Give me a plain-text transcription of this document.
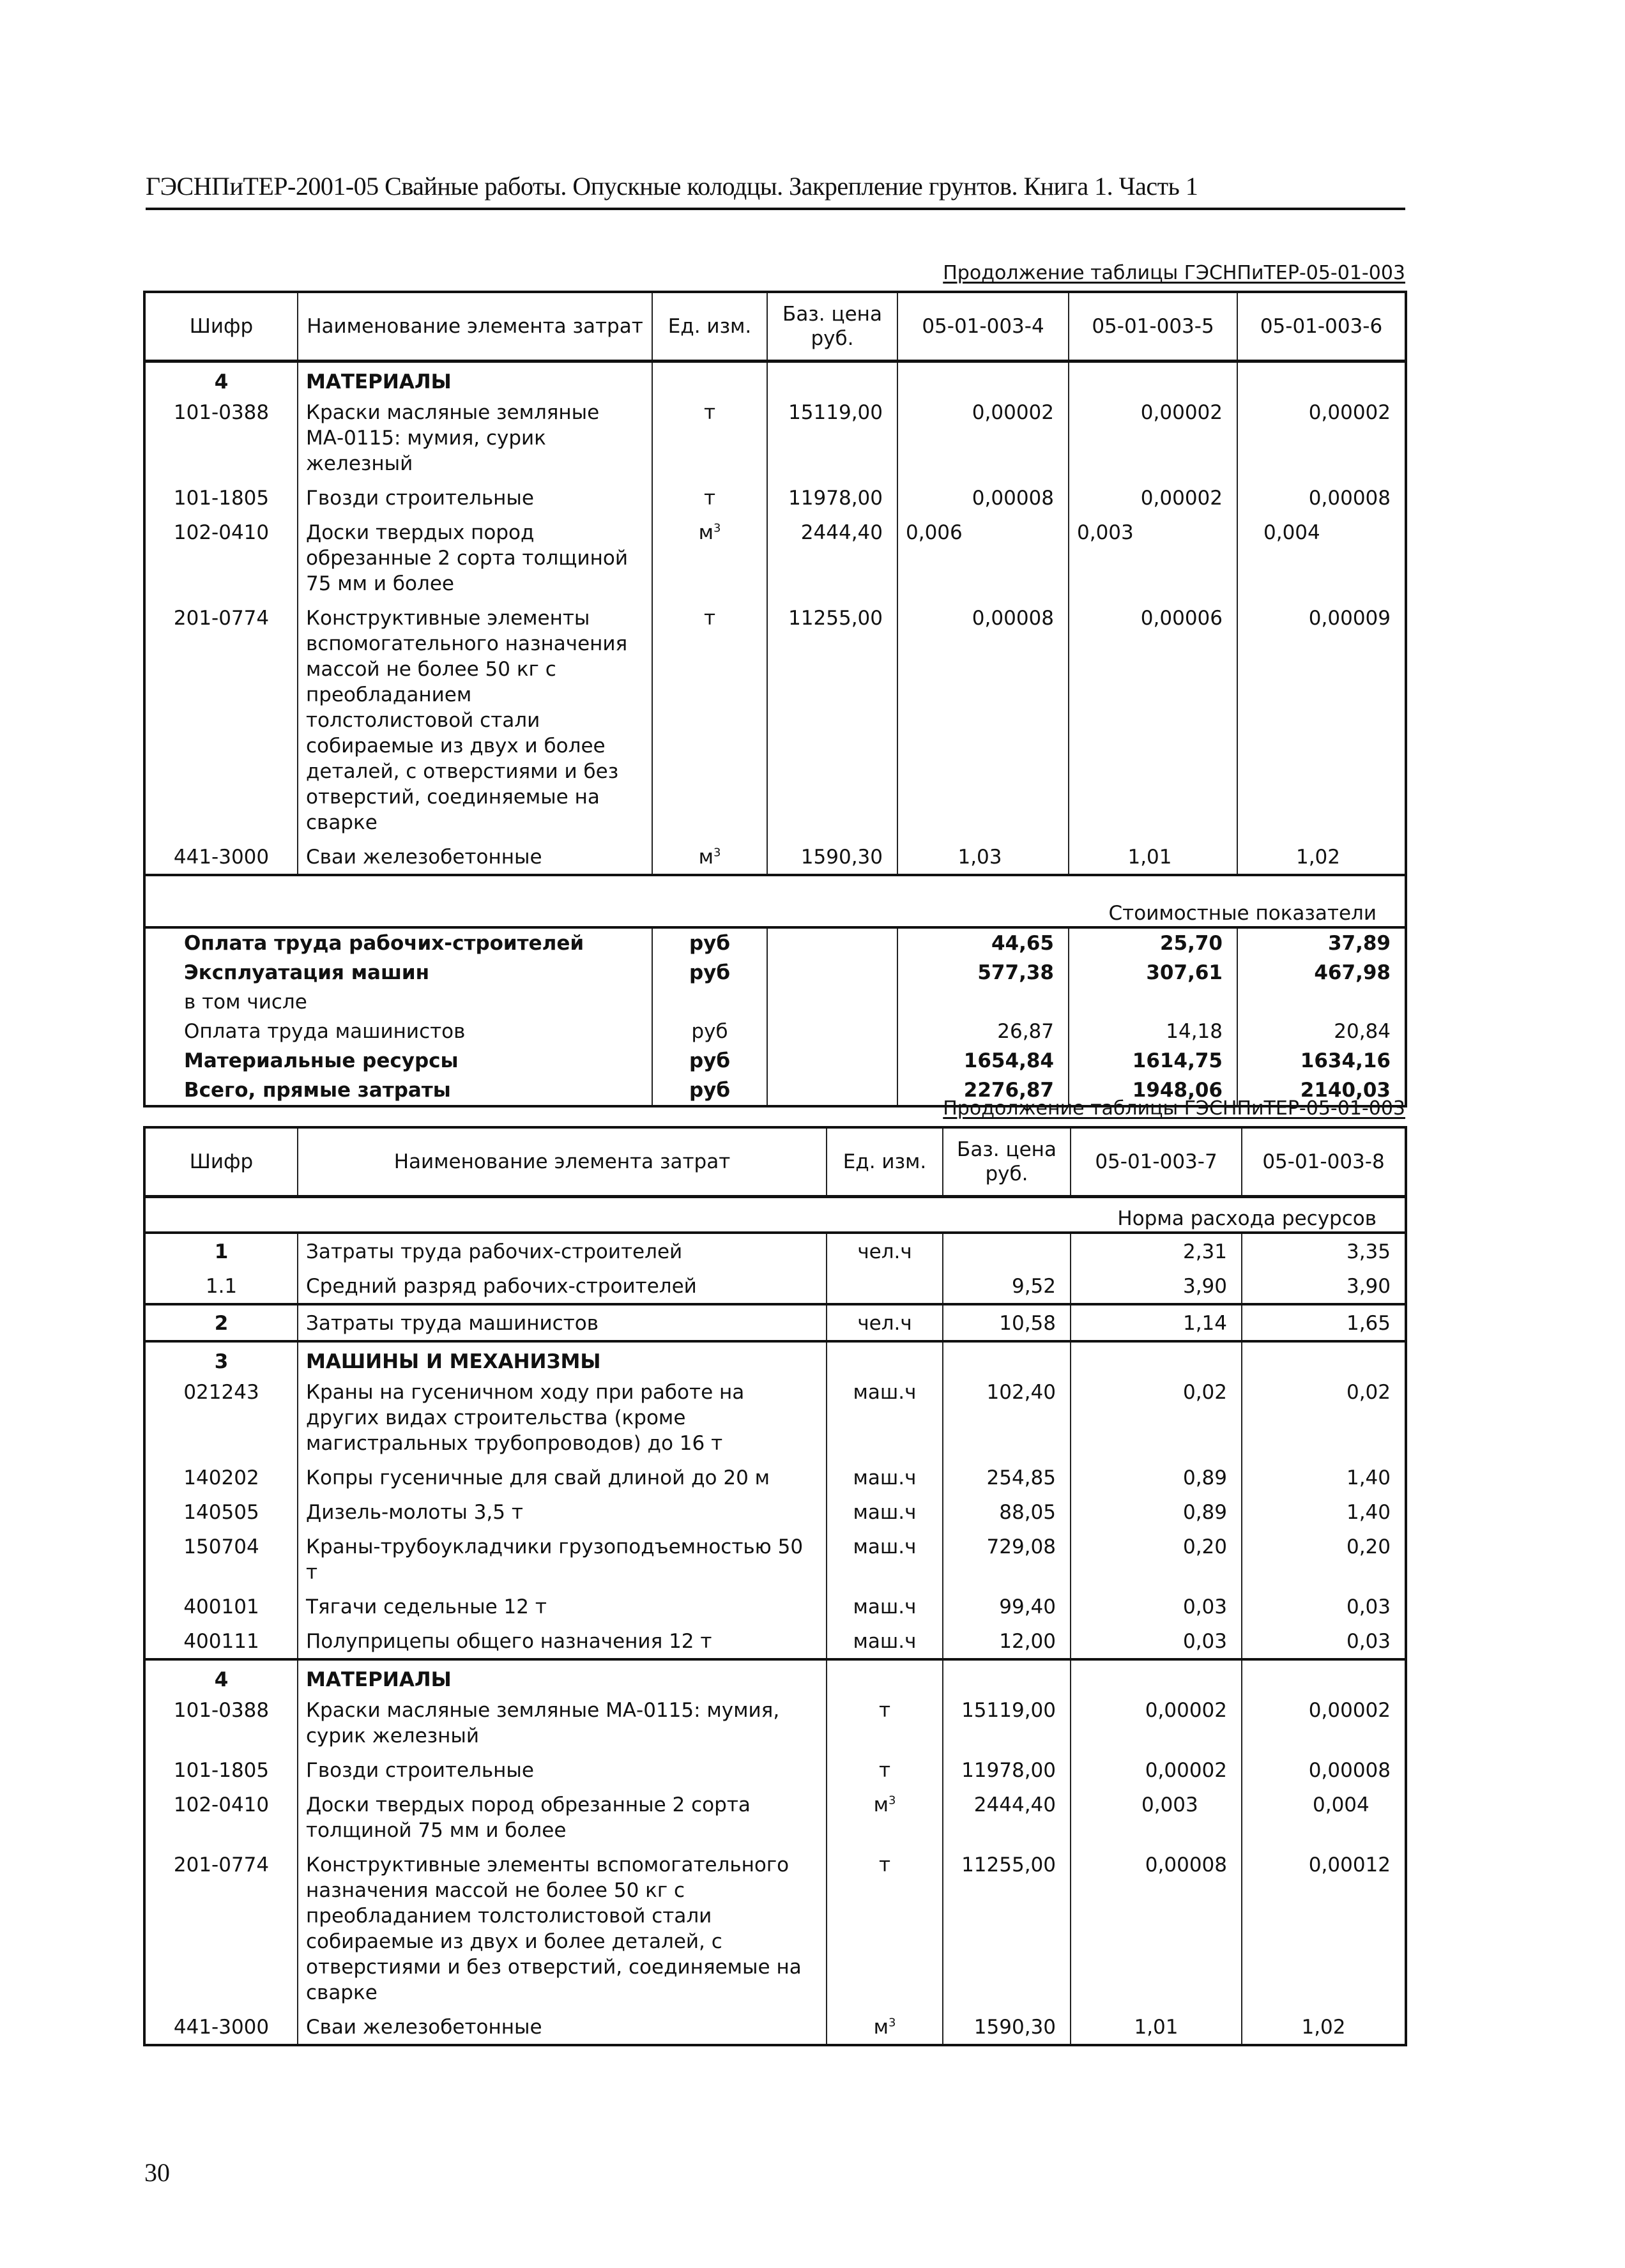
ГЭСНПиТЕР-2001-05 Свайные работы. Опускные колодцы. Закрепление грунтов. Книга 1. Часть 1
Продолжение таблицы ГЭСНПиТЕР-05-01-003
Шифр	Наименование элемента затрат	Ед. изм.	Баз. цена руб.	05-01-003-4	05-01-003-5	05-01-003-6
4	МАТЕРИАЛЫ					
101-0388	Краски масляные земляные МА-0115: мумия, сурик железный	т	15119,00	0,00002	0,00002	0,00002
101-1805	Гвозди строительные	т	11978,00	0,00008	0,00002	0,00008
102-0410	Доски твердых пород обрезанные 2 сорта толщиной 75 мм и более	$м^3$	2444,40	0,006	0,003	0,004
201-0774	Конструктивные элементы вспомогательного назначения массой не более 50 кг с преобладанием толстолистовой стали собираемые из двух и более деталей, с отверстиями и без отверстий, соединяемые на сварке	т	11255,00	0,00008	0,00006	0,00009
441-3000	Сваи железобетонные	$м^3$	1590,30	1,03	1,01	1,02
Стоимостные показатели						
Оплата труда рабочих-строителей		руб		44,65	25,70	37,89
Эксплуатация машин		руб		577,38	307,61	467,98
в том числе						
Оплата труда машинистов		руб		26,87	14,18	20,84
Материальные ресурсы		руб		1654,84	1614,75	1634,16
Всего, прямые затраты		руб		2276,87	1948,06	2140,03
Продолжение таблицы ГЭСНПиТЕР-05-01-003
Шифр	Наименование элемента затрат	Ед. изм.	Баз. цена руб.	05-01-003-7	05-01-003-8
Норма расхода ресурсов					
1	Затраты труда рабочих-строителей	чел.ч		2,31	3,35
1.1	Средний разряд рабочих-строителей		9,52	3,90	3,90
2	Затраты труда машинистов	чел.ч	10,58	1,14	1,65
3	МАШИНЫ И МЕХАНИЗМЫ				
021243	Краны на гусеничном ходу при работе на других видах строительства (кроме магистральных трубопроводов) до 16 т	маш.ч	102,40	0,02	0,02
140202	Копры гусеничные для свай длиной до 20 м	маш.ч	254,85	0,89	1,40
140505	Дизель-молоты 3,5 т	маш.ч	88,05	0,89	1,40
150704	Краны-трубоукладчики грузоподъемностью 50 т	маш.ч	729,08	0,20	0,20
400101	Тягачи седельные 12 т	маш.ч	99,40	0,03	0,03
400111	Полуприцепы общего назначения 12 т	маш.ч	12,00	0,03	0,03
4	МАТЕРИАЛЫ				
101-0388	Краски масляные земляные МА-0115: мумия, сурик железный	т	15119,00	0,00002	0,00002
101-1805	Гвозди строительные	т	11978,00	0,00002	0,00008
102-0410	Доски твердых пород обрезанные 2 сорта толщиной 75 мм и более	$м^3$	2444,40	0,003	0,004
201-0774	Конструктивные элементы вспомогательного назначения массой не более 50 кг с преобладанием толстолистовой стали собираемые из двух и более деталей, с отверстиями и без отверстий, соединяемые на сварке	т	11255,00	0,00008	0,00012
441-3000	Сваи железобетонные	$м^3$	1590,30	1,01	1,02
30
